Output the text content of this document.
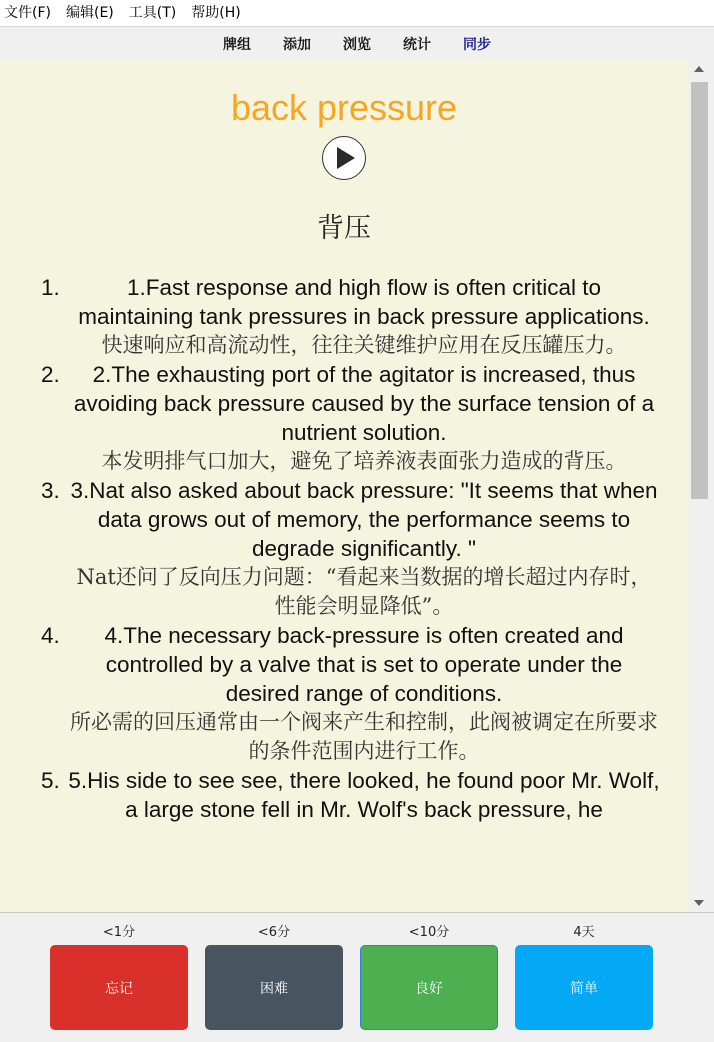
文件(F)	编辑(E)	工具(T)	帮助(H)
牌组 添加 浏览 统计 同步
back pressure
背压
1.Fast response and high flow is often critical to maintaining tank pressures in back pressure applications.
快速响应和高流动性，往往关键维护应用在反压罐压力。
2.The exhausting port of the agitator is increased, thus avoiding back pressure caused by the surface tension of a nutrient solution.
本发明排气口加大，避免了培养液表面张力造成的背压。
3.Nat also asked about back pressure: "It seems that when data grows out of memory, the performance seems to degrade significantly. "
Nat还问了反向压力问题：“看起来当数据的增长超过内存时，性能会明显降低”。
4.The necessary back-pressure is often created and controlled by a valve that is set to operate under the desired range of conditions.
所必需的回压通常由一个阀来产生和控制，此阀被调定在所要求的条件范围内进行工作。
5.His side to see see, there looked, he found poor Mr. Wolf, a large stone fell in Mr. Wolf's back pressure, he
<1分
忘记
<6分
困难
<10分
良好
4天
简单
